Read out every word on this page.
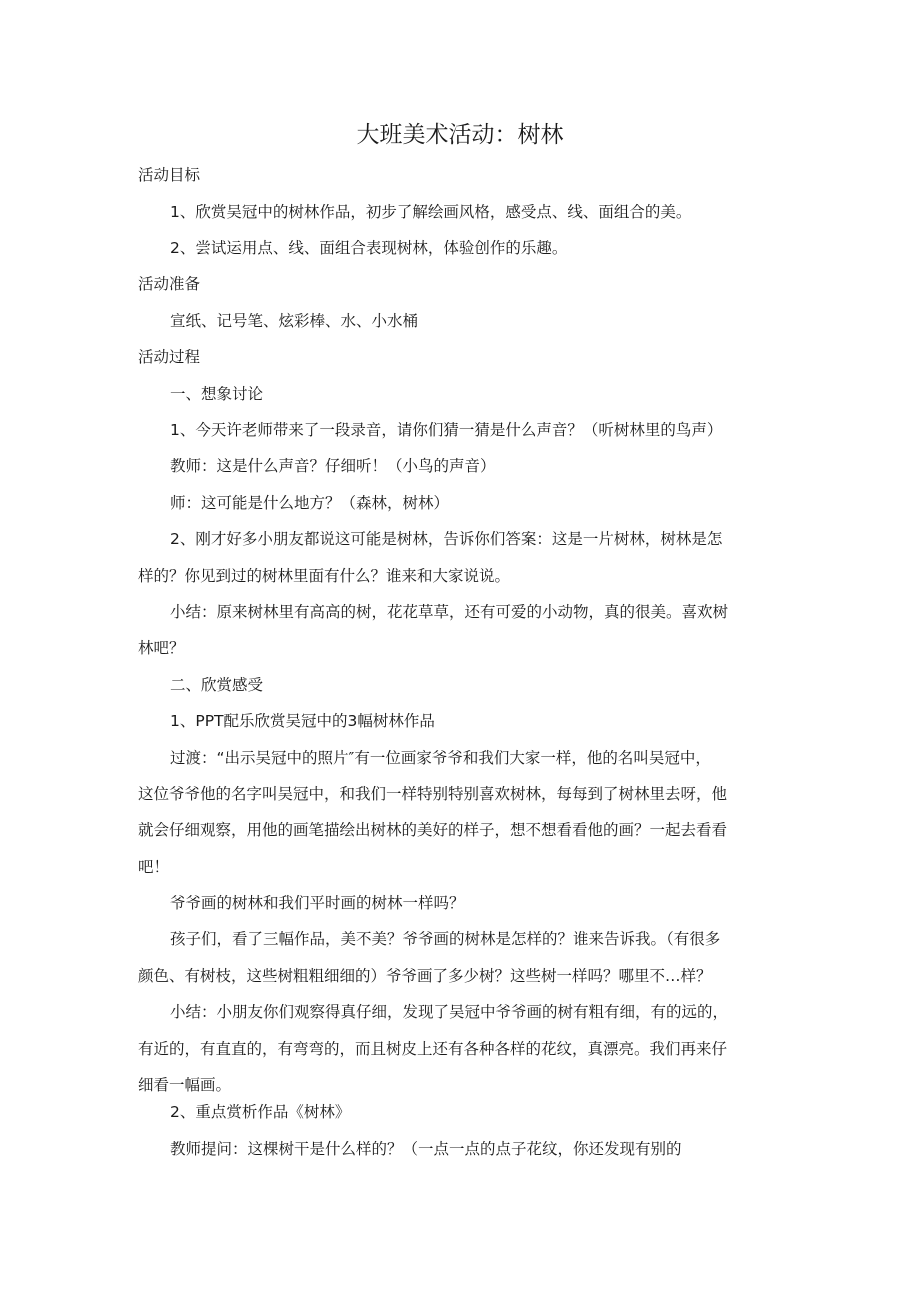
大班美术活动：树林
活动目标
1、欣赏吴冠中的树林作品，初步了解绘画风格，感受点、线、面组合的美。
2、尝试运用点、线、面组合表现树林，体验创作的乐趣。
活动准备
宣纸、记号笔、炫彩棒、水、小水桶
活动过程
一、想象讨论
1、今天许老师带来了一段录音，请你们猜一猜是什么声音？（听树林里的鸟声）
教师：这是什么声音？仔细听！（小鸟的声音）
师：这可能是什么地方？（森林，树林）
2、刚才好多小朋友都说这可能是树林，告诉你们答案：这是一片树林，树林是怎
样的？你见到过的树林里面有什么？谁来和大家说说。
小结：原来树林里有高高的树，花花草草，还有可爱的小动物，真的很美。喜欢树
林吧？
二、欣赏感受
1、PPT配乐欣赏吴冠中的3幅树林作品
过渡：“出示吴冠中的照片″有一位画家爷爷和我们大家一样，他的名叫吴冠中，
这位爷爷他的名字叫吴冠中，和我们一样特别特别喜欢树林，每每到了树林里去呀，他
就会仔细观察，用他的画笔描绘出树林的美好的样子，想不想看看他的画？一起去看看
吧！
爷爷画的树林和我们平时画的树林一样吗？
孩子们，看了三幅作品，美不美？爷爷画的树林是怎样的？谁来告诉我。（有很多
颜色、有树枝，这些树粗粗细细的）爷爷画了多少树？这些树一样吗？哪里不…样？
小结：小朋友你们观察得真仔细，发现了吴冠中爷爷画的树有粗有细，有的远的，
有近的，有直直的，有弯弯的，而且树皮上还有各种各样的花纹，真漂亮。我们再来仔
细看一幅画。
2、重点赏析作品《树林》
教师提问：这棵树干是什么样的？（一点一点的点子花纹，你还发现有别的
